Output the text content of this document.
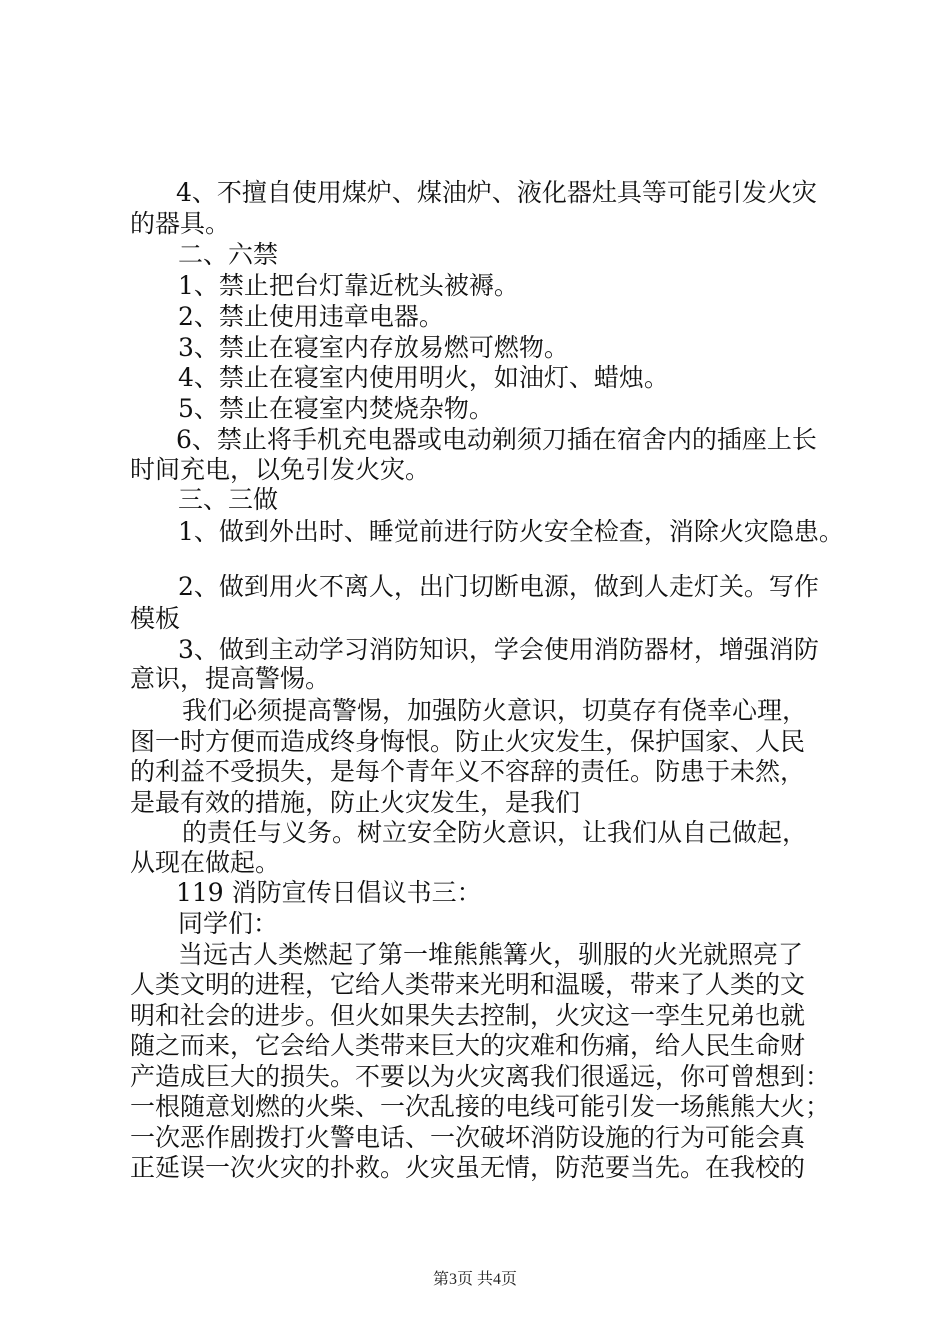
4、不擅自使用煤炉、煤油炉、液化器灶具等可能引发火灾
的器具。
二、六禁
1、禁止把台灯靠近枕头被褥。
2、禁止使用违章电器。
3、禁止在寝室内存放易燃可燃物。
4、禁止在寝室内使用明火，如油灯、蜡烛。
5、禁止在寝室内焚烧杂物。
6、禁止将手机充电器或电动剃须刀插在宿舍内的插座上长
时间充电，以免引发火灾。
三、三做
1、做到外出时、睡觉前进行防火安全检查，消除火灾隐患。
2、做到用火不离人，出门切断电源，做到人走灯关。写作
模板
3、做到主动学习消防知识，学会使用消防器材，增强消防
意识，提高警惕。
我们必须提高警惕，加强防火意识，切莫存有侥幸心理，
图一时方便而造成终身悔恨。防止火灾发生，保护国家、人民
的利益不受损失，是每个青年义不容辞的责任。防患于未然，
是最有效的措施，防止火灾发生，是我们
的责任与义务。树立安全防火意识，让我们从自己做起，
从现在做起。
119 消防宣传日倡议书三：
同学们：
当远古人类燃起了第一堆熊熊篝火，驯服的火光就照亮了
人类文明的进程，它给人类带来光明和温暖，带来了人类的文
明和社会的进步。但火如果失去控制，火灾这一孪生兄弟也就
随之而来，它会给人类带来巨大的灾难和伤痛，给人民生命财
产造成巨大的损失。不要以为火灾离我们很遥远，你可曾想到：
一根随意划燃的火柴、一次乱接的电线可能引发一场熊熊大火；
一次恶作剧拨打火警电话、一次破坏消防设施的行为可能会真
正延误一次火灾的扑救。火灾虽无情，防范要当先。在我校的
第3页 共4页
